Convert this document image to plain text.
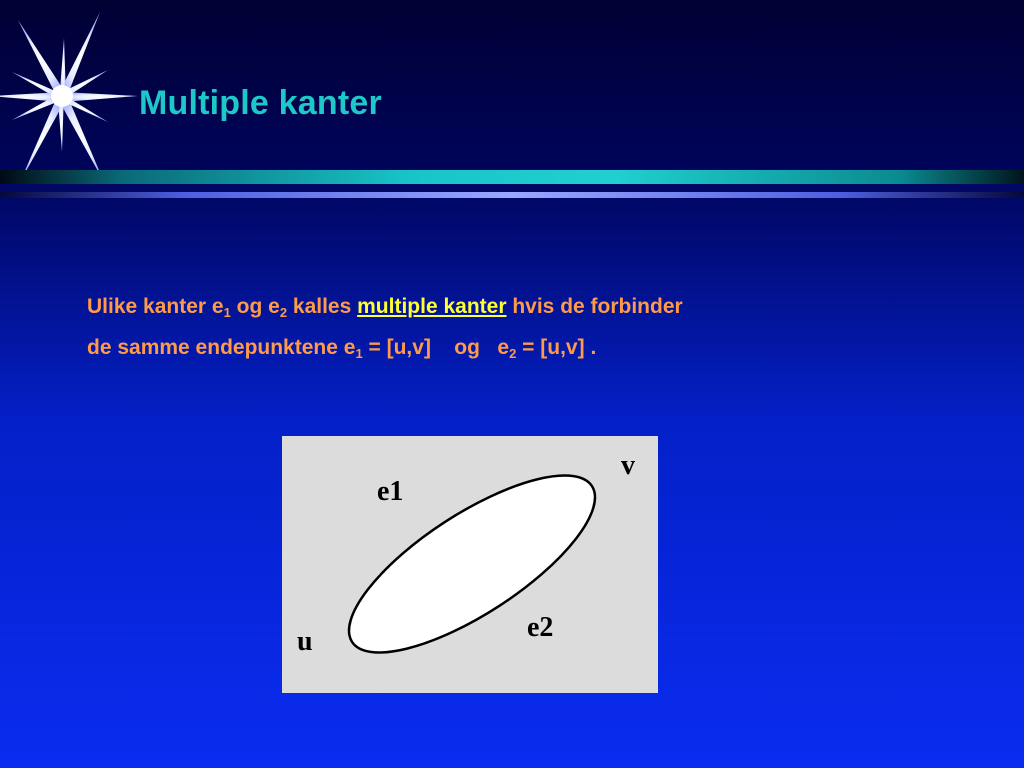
Multiple kanter
Ulike kanter $e_1$ og $e_2$ kalles multiple kanter hvis de forbinder
de samme endepunktene $e_1 = [u,v]$    og   $e_2 = [u,v]$ .
v
e1
e2
u
